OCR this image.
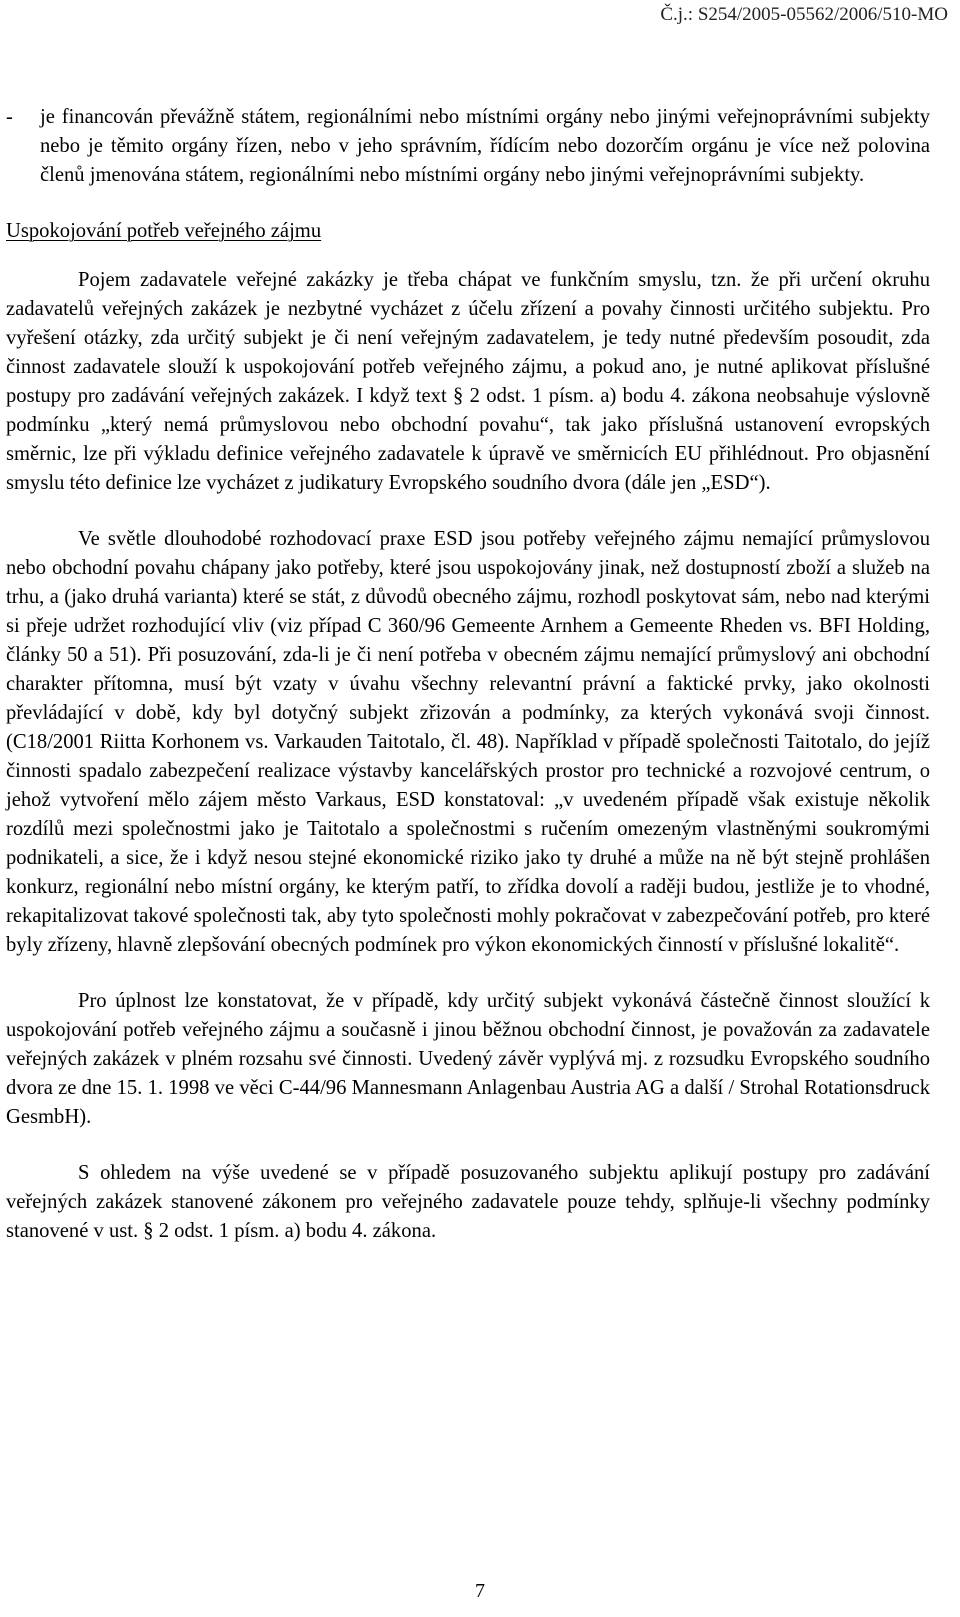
Č.j.: S254/2005-05562/2006/510-MO

- je financován převážně státem, regionálními nebo místními orgány nebo jinými veřejnoprávními subjekty nebo je těmito orgány řízen, nebo v jeho správním, řídícím nebo dozorčím orgánu je více než polovina členů jmenována státem, regionálními nebo místními orgány nebo jinými veřejnoprávními subjekty.

Uspokojování potřeb veřejného zájmu

Pojem zadavatele veřejné zakázky je třeba chápat ve funkčním smyslu, tzn. že při určení okruhu zadavatelů veřejných zakázek je nezbytné vycházet z účelu zřízení a povahy činnosti určitého subjektu. Pro vyřešení otázky, zda určitý subjekt je či není veřejným zadavatelem, je tedy nutné především posoudit, zda činnost zadavatele slouží k uspokojování potřeb veřejného zájmu, a pokud ano, je nutné aplikovat příslušné postupy pro zadávání veřejných zakázek. I když text § 2 odst. 1 písm. a) bodu 4. zákona neobsahuje výslovně podmínku „který nemá průmyslovou nebo obchodní povahu“, tak jako příslušná ustanovení evropských směrnic, lze při výkladu definice veřejného zadavatele k úpravě ve směrnicích EU přihlédnout. Pro objasnění smyslu této definice lze vycházet z judikatury Evropského soudního dvora (dále jen „ESD“).

Ve světle dlouhodobé rozhodovací praxe ESD jsou potřeby veřejného zájmu nemající průmyslovou nebo obchodní povahu chápany jako potřeby, které jsou uspokojovány jinak, než dostupností zboží a služeb na trhu, a (jako druhá varianta) které se stát, z důvodů obecného zájmu, rozhodl poskytovat sám, nebo nad kterými si přeje udržet rozhodující vliv (viz případ C 360/96 Gemeente Arnhem a Gemeente Rheden vs. BFI Holding, články 50 a 51). Při posuzování, zda-li je či není potřeba v obecném zájmu nemající průmyslový ani obchodní charakter přítomna, musí být vzaty v úvahu všechny relevantní právní a faktické prvky, jako okolnosti převládající v době, kdy byl dotyčný subjekt zřizován a podmínky, za kterých vykonává svoji činnost. (C18/2001 Riitta Korhonem vs. Varkauden Taitotalo, čl. 48). Například v případě společnosti Taitotalo, do jejíž činnosti spadalo zabezpečení realizace výstavby kancelářských prostor pro technické a rozvojové centrum, o jehož vytvoření mělo zájem město Varkaus, ESD konstatoval: „v uvedeném případě však existuje několik rozdílů mezi společnostmi jako je Taitotalo a společnostmi s ručením omezeným vlastněnými soukromými podnikateli, a sice, že i když nesou stejné ekonomické riziko jako ty druhé a může na ně být stejně prohlášen konkurz, regionální nebo místní orgány, ke kterým patří, to zřídka dovolí a raději budou, jestliže je to vhodné, rekapitalizovat takové společnosti tak, aby tyto společnosti mohly pokračovat v zabezpečování potřeb, pro které byly zřízeny, hlavně zlepšování obecných podmínek pro výkon ekonomických činností v příslušné lokalitě“.

Pro úplnost lze konstatovat, že v případě, kdy určitý subjekt vykonává částečně činnost sloužící k uspokojování potřeb veřejného zájmu a současně i jinou běžnou obchodní činnost, je považován za zadavatele veřejných zakázek v plném rozsahu své činnosti. Uvedený závěr vyplývá mj. z rozsudku Evropského soudního dvora ze dne 15. 1. 1998 ve věci C-44/96 Mannesmann Anlagenbau Austria AG a další / Strohal Rotationsdruck GesmbH).

S ohledem na výše uvedené se v případě posuzovaného subjektu aplikují postupy pro zadávání veřejných zakázek stanovené zákonem pro veřejného zadavatele pouze tehdy, splňuje-li všechny podmínky stanovené v ust. § 2 odst. 1 písm. a) bodu 4. zákona.

7
